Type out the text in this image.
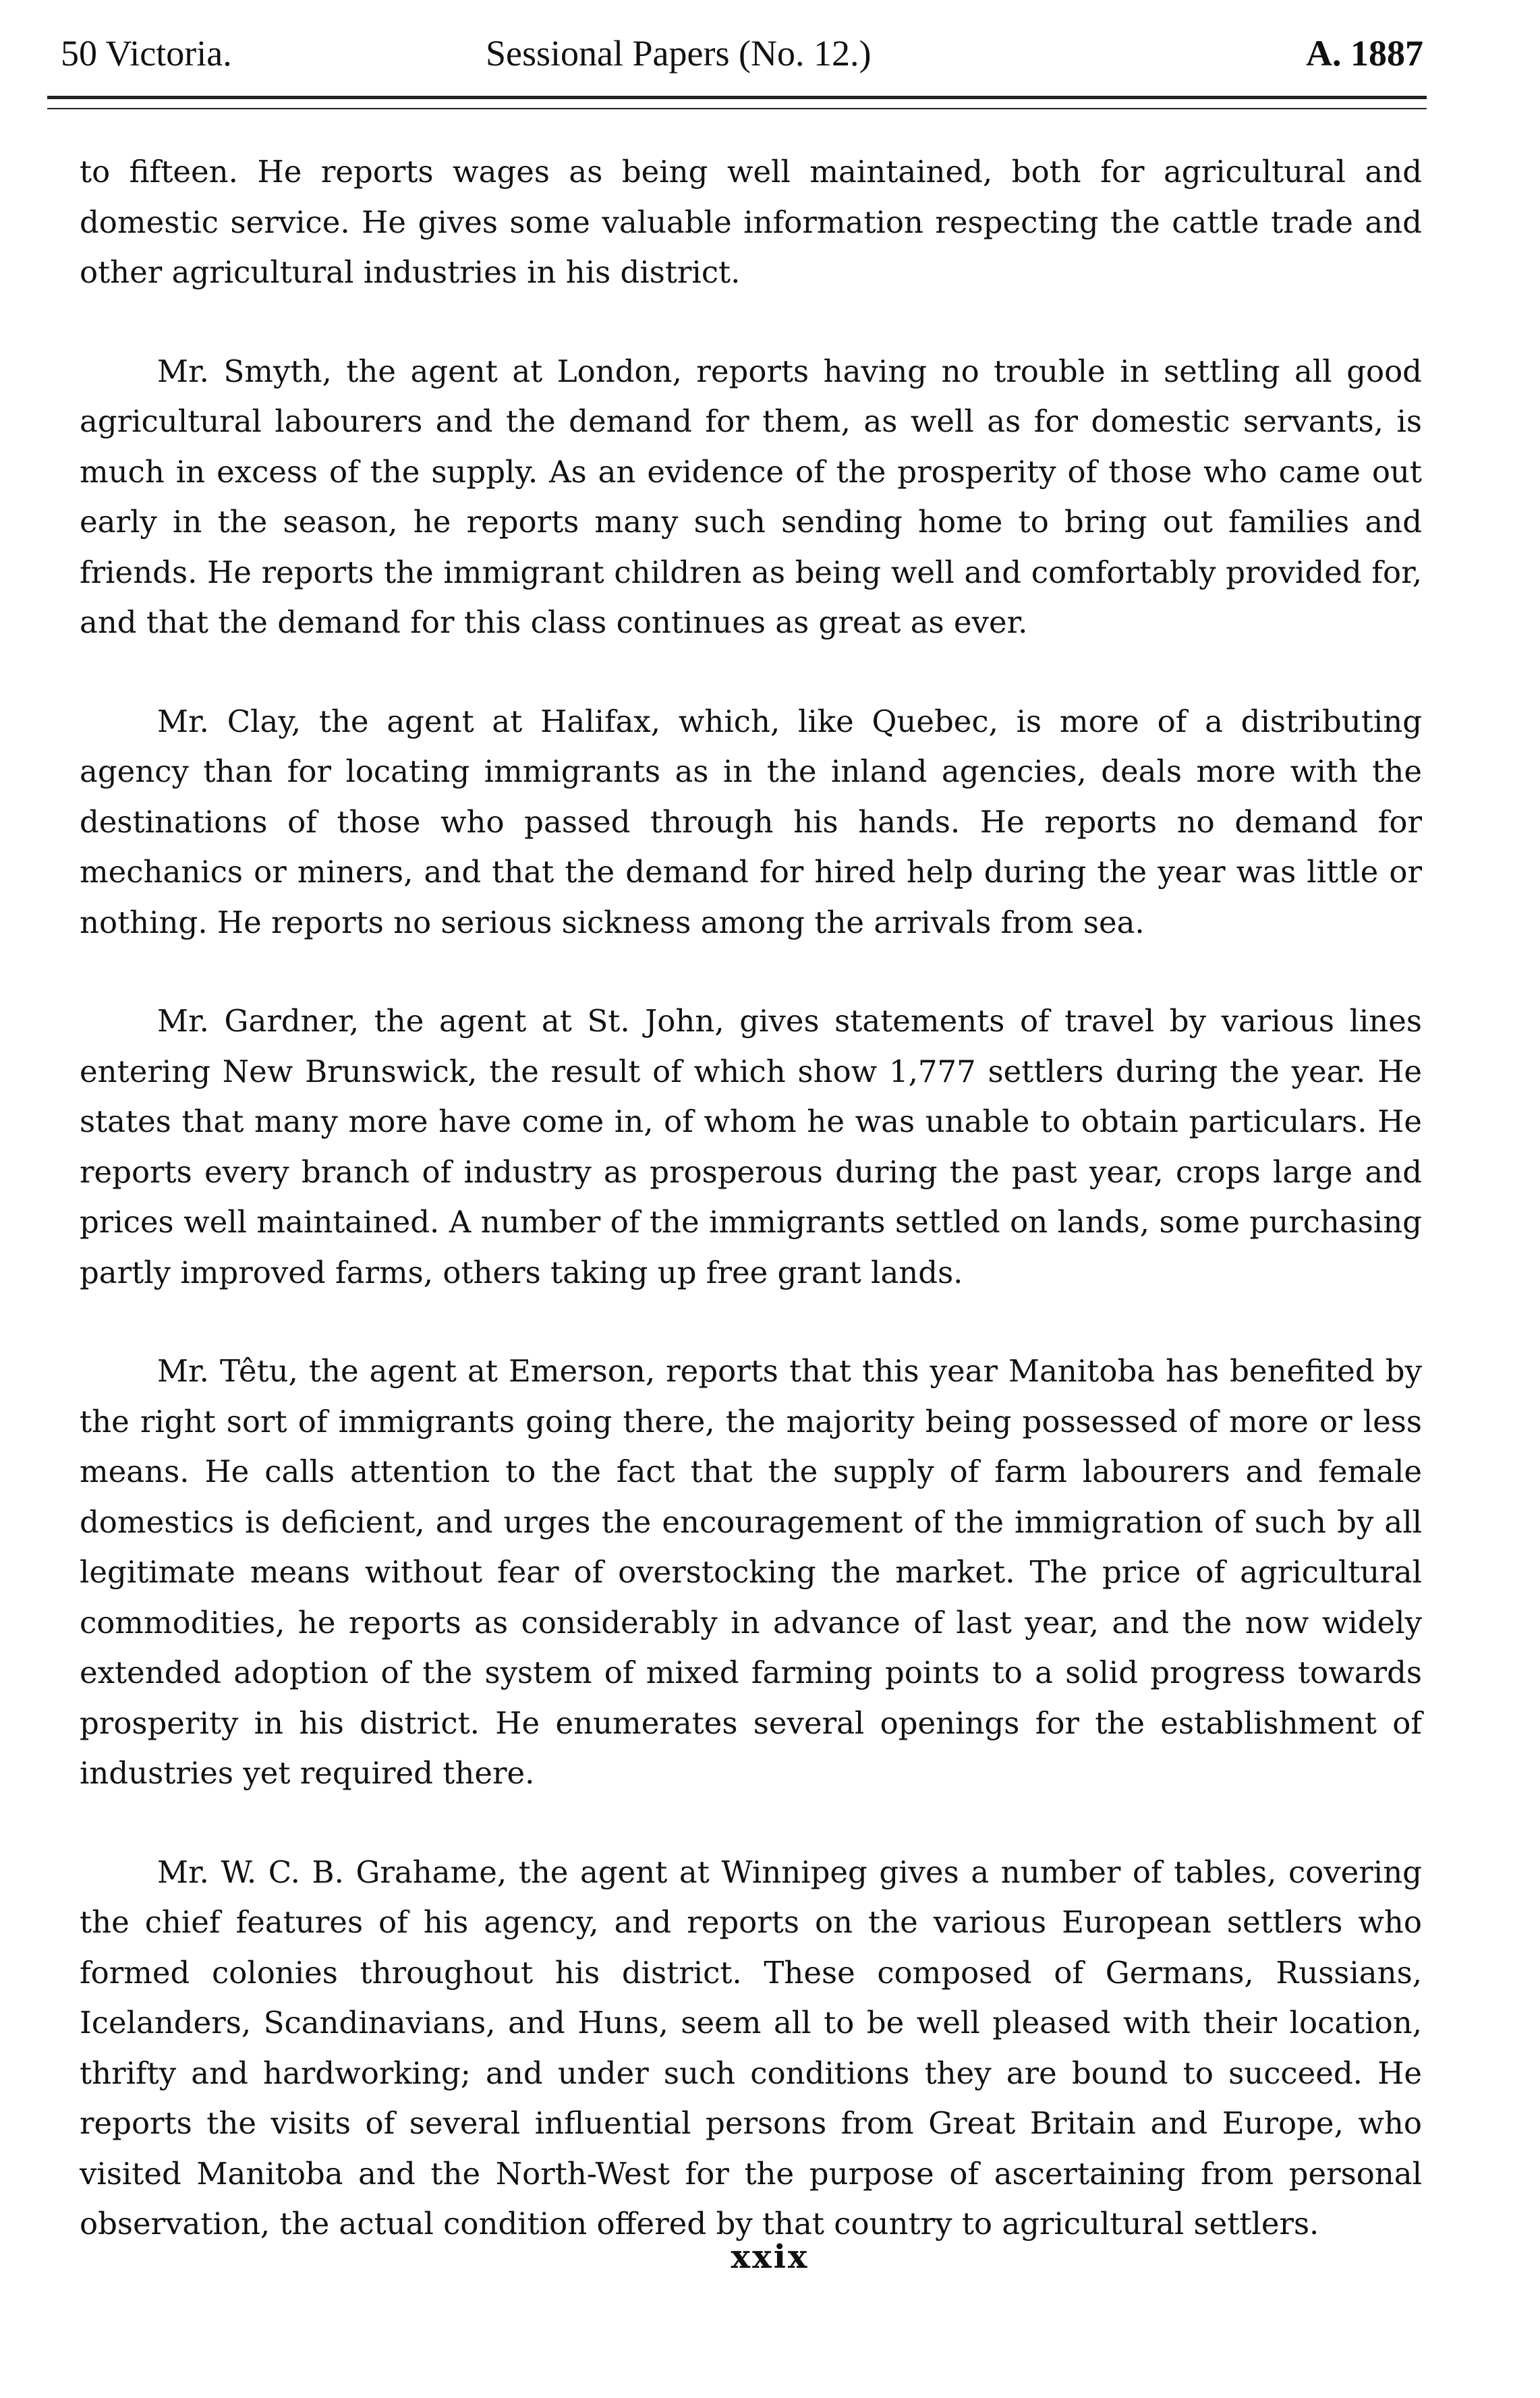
50 Victoria.	Sessional Papers (No. 12.)	A. 1887

to fifteen. He reports wages as being well maintained, both for agricultural and domestic service. He gives some valuable information respecting the cattle trade and other agricultural industries in his district.

Mr. Smyth, the agent at London, reports having no trouble in settling all good agricultural labourers and the demand for them, as well as for domestic servants, is much in excess of the supply. As an evidence of the prosperity of those who came out early in the season, he reports many such sending home to bring out families and friends. He reports the immigrant children as being well and comfortably provided for, and that the demand for this class continues as great as ever.

Mr. Clay, the agent at Halifax, which, like Quebec, is more of a distributing agency than for locating immigrants as in the inland agencies, deals more with the destinations of those who passed through his hands. He reports no demand for mechanics or miners, and that the demand for hired help during the year was little or nothing. He reports no serious sickness among the arrivals from sea.

Mr. Gardner, the agent at St. John, gives statements of travel by various lines entering New Brunswick, the result of which show 1,777 settlers during the year. He states that many more have come in, of whom he was unable to obtain particulars. He reports every branch of industry as prosperous during the past year, crops large and prices well maintained. A number of the immigrants settled on lands, some purchasing partly improved farms, others taking up free grant lands.

Mr. Têtu, the agent at Emerson, reports that this year Manitoba has benefited by the right sort of immigrants going there, the majority being possessed of more or less means. He calls attention to the fact that the supply of farm labourers and female domestics is deficient, and urges the encouragement of the immigration of such by all legitimate means without fear of overstocking the market. The price of agricultural commodities, he reports as considerably in advance of last year, and the now widely extended adoption of the system of mixed farming points to a solid progress towards prosperity in his district. He enumerates several openings for the establishment of industries yet required there.

Mr. W. C. B. Grahame, the agent at Winnipeg gives a number of tables, covering the chief features of his agency, and reports on the various European settlers who formed colonies throughout his district. These composed of Germans, Russians, Icelanders, Scandinavians, and Huns, seem all to be well pleased with their location, thrifty and hardworking; and under such conditions they are bound to succeed. He reports the visits of several influential persons from Great Britain and Europe, who visited Manitoba and the North-West for the purpose of ascertaining from personal observation, the actual condition offered by that country to agricultural settlers.

xxix
